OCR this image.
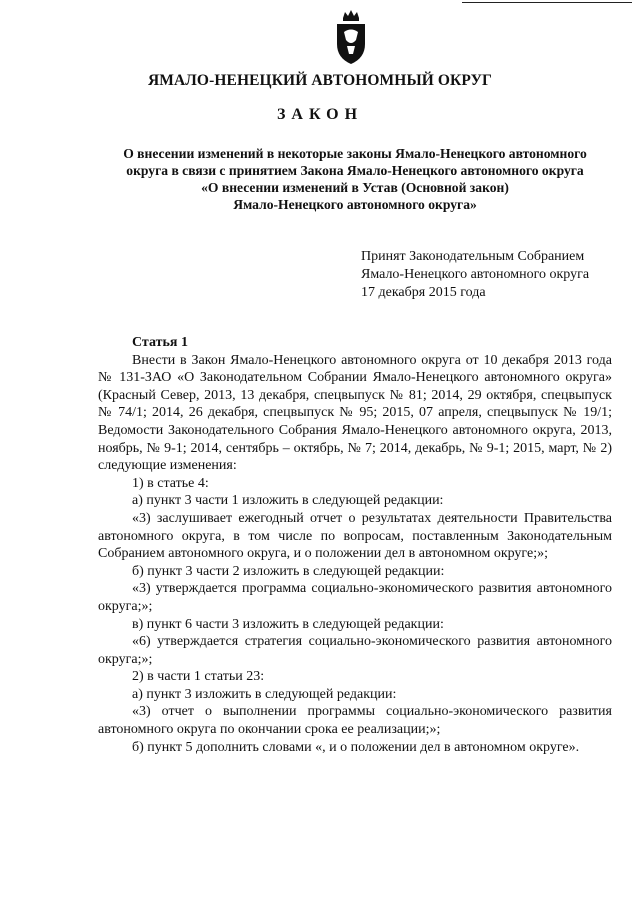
ЯМАЛО-НЕНЕЦКИЙ АВТОНОМНЫЙ ОКРУГ
ЗАКОН
О внесении изменений в некоторые законы Ямало-Ненецкого автономного
округа в связи с принятием Закона Ямало-Ненецкого автономного округа
«О внесении изменений в Устав (Основной закон)
Ямало-Ненецкого автономного округа»
Принят Законодательным Собранием
Ямало-Ненецкого автономного округа
17 декабря 2015 года

Статья 1

Внести в Закон Ямало-Ненецкого автономного округа от 10 декабря 2013 года № 131-ЗАО «О Законодательном Собрании Ямало-Ненецкого автономного округа» (Красный Север, 2013, 13 декабря, спецвыпуск № 81; 2014, 29 октября, спецвыпуск № 74/1; 2014, 26 декабря, спецвыпуск № 95; 2015, 07 апреля, спецвыпуск № 19/1; Ведомости Законодательного Собрания Ямало-Ненецкого автономного округа, 2013, ноябрь, № 9-1; 2014, сентябрь – октябрь, № 7; 2014, декабрь, № 9-1; 2015, март, № 2) следующие изменения:

1) в статье 4:

а) пункт 3 части 1 изложить в следующей редакции:

«3) заслушивает ежегодный отчет о результатах деятельности Правительства автономного округа, в том числе по вопросам, поставленным Законодательным Собранием автономного округа, и о положении дел в автономном округе;»;

б) пункт 3 части 2 изложить в следующей редакции:

«3) утверждается программа социально-экономического развития автономного округа;»;

в) пункт 6 части 3 изложить в следующей редакции:

«6) утверждается стратегия социально-экономического развития автономного округа;»;

2) в части 1 статьи 23:

а) пункт 3 изложить в следующей редакции:

«3) отчет о выполнении программы социально-экономического развития автономного округа по окончании срока ее реализации;»;

б) пункт 5 дополнить словами «, и о положении дел в автономном округе».
